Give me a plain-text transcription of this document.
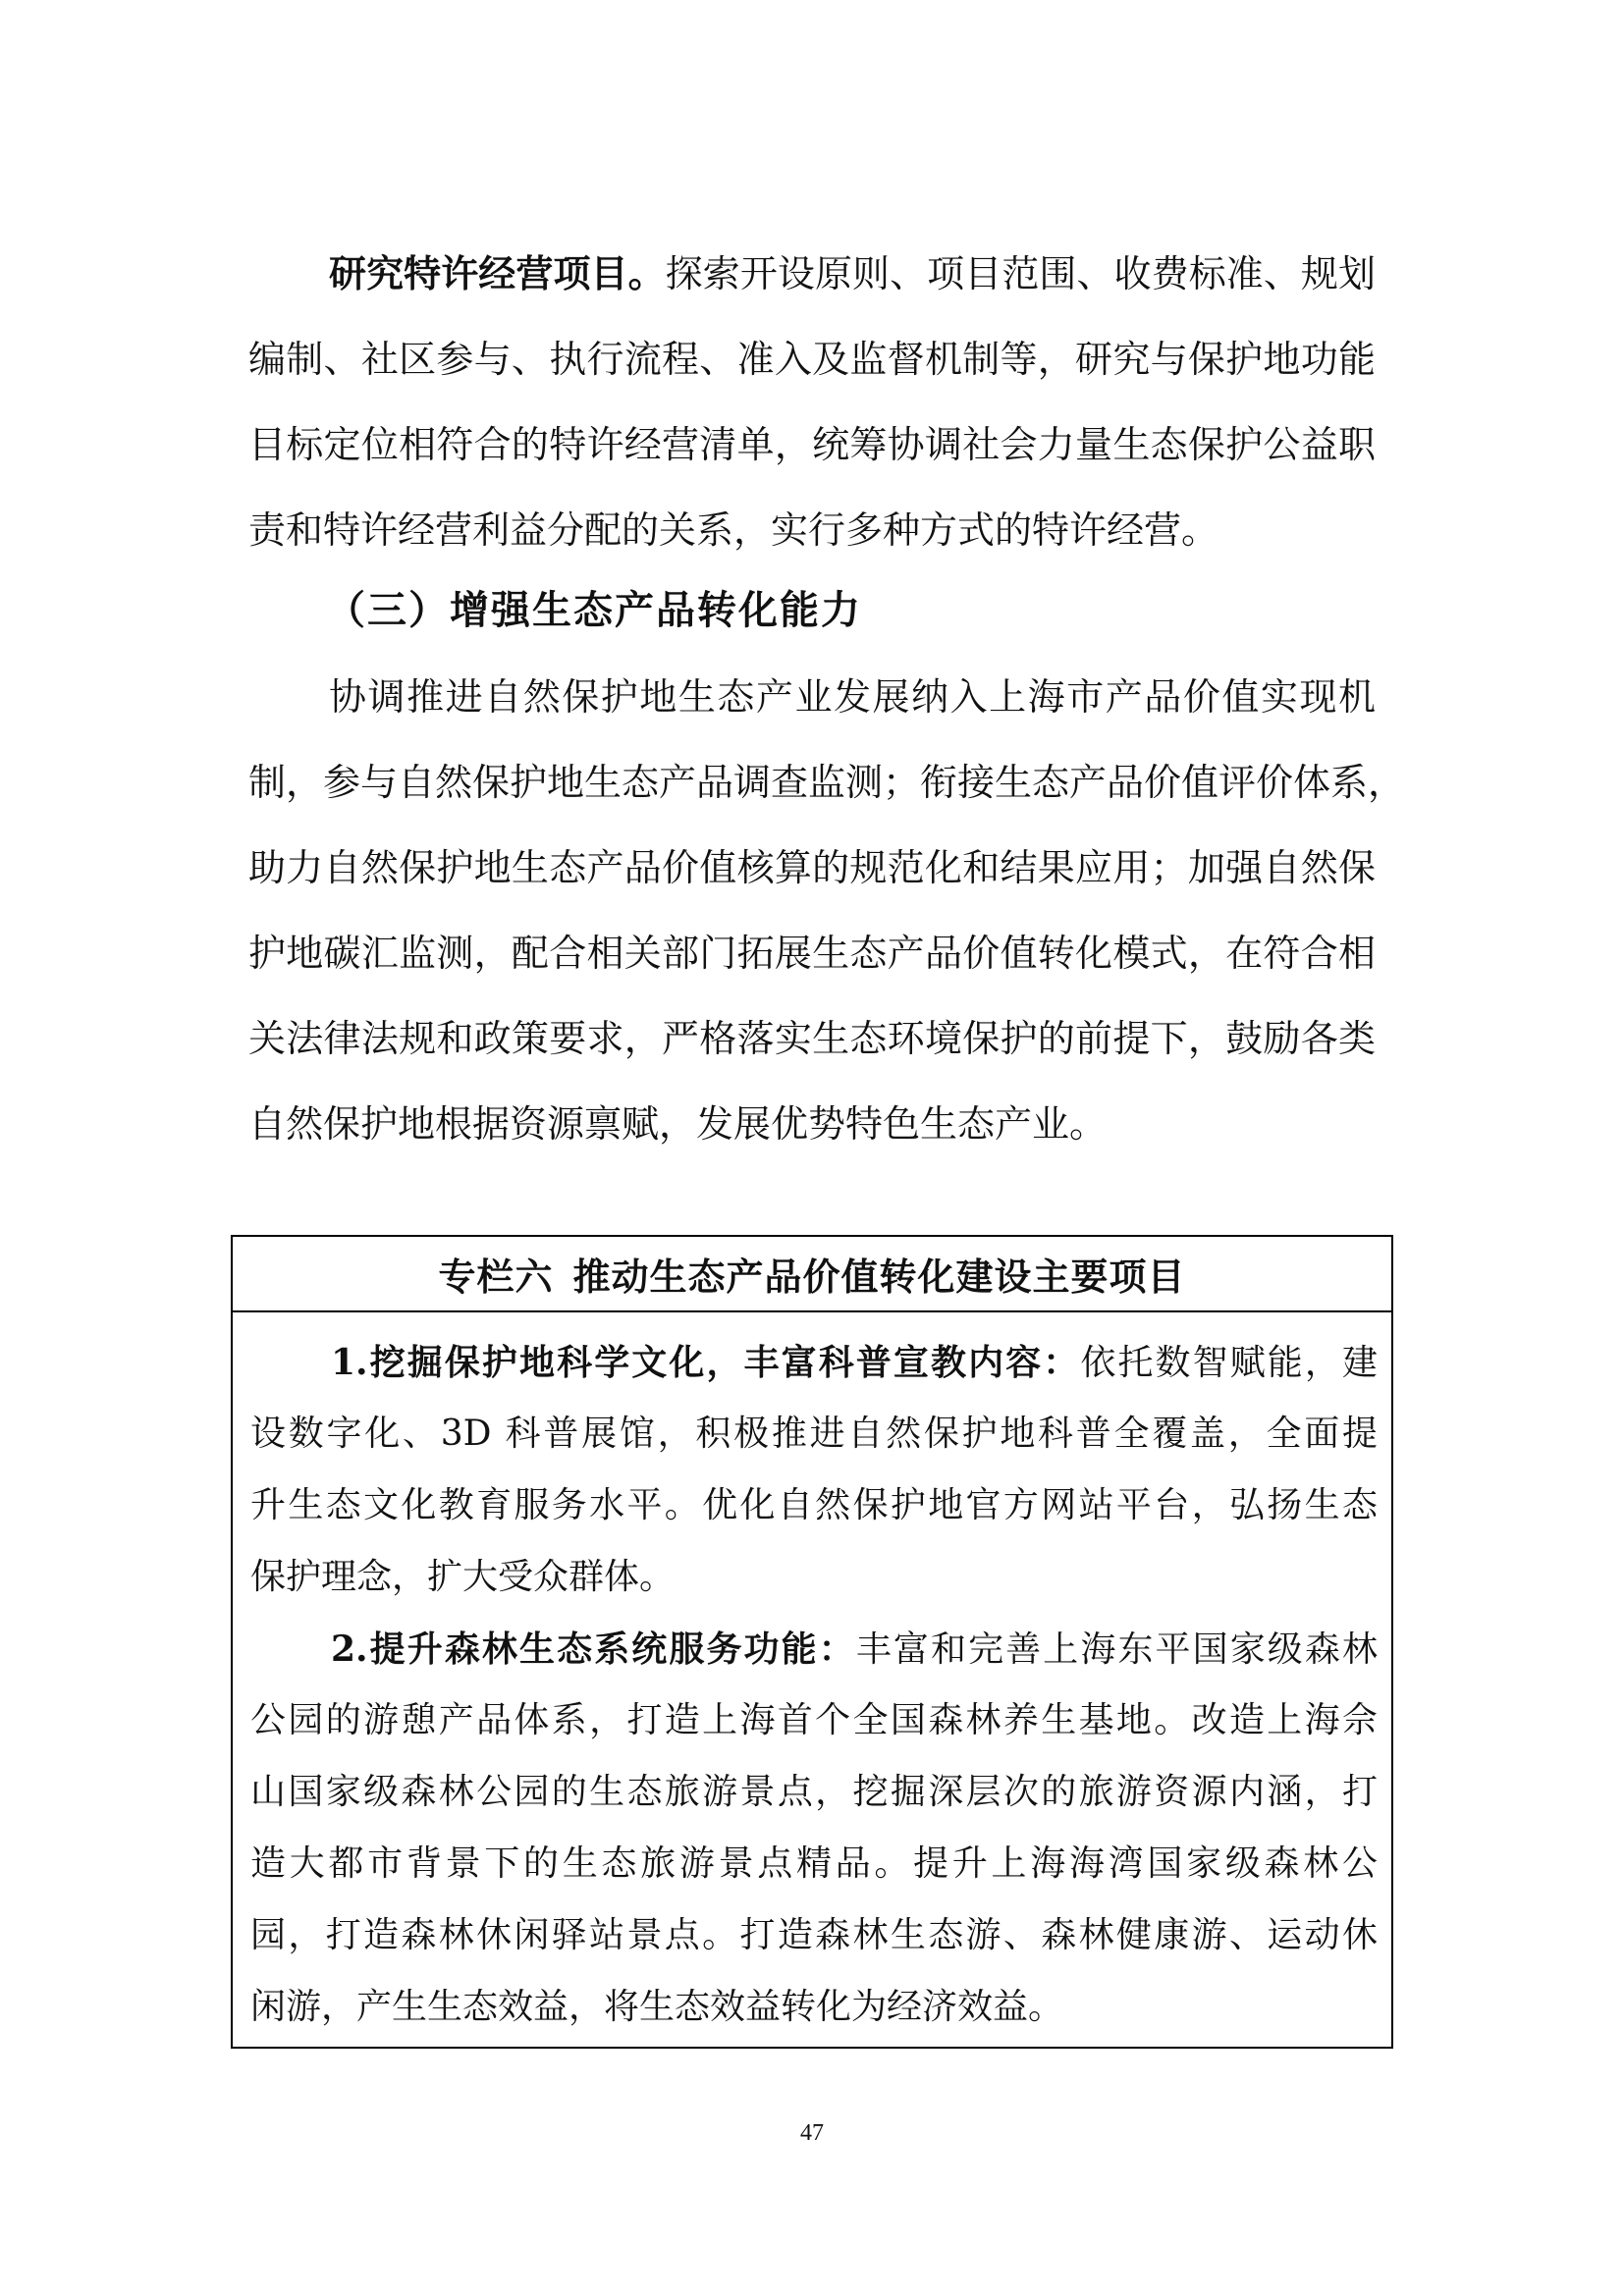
研究特许经营项目。探索开设原则、项目范围、收费标准、规划
编制、社区参与、执行流程、准入及监督机制等，研究与保护地功能
目标定位相符合的特许经营清单，统筹协调社会力量生态保护公益职
责和特许经营利益分配的关系，实行多种方式的特许经营。
（三）增强生态产品转化能力
协调推进自然保护地生态产业发展纳入上海市产品价值实现机
制，参与自然保护地生态产品调查监测；衔接生态产品价值评价体系，
助力自然保护地生态产品价值核算的规范化和结果应用；加强自然保
护地碳汇监测，配合相关部门拓展生态产品价值转化模式，在符合相
关法律法规和政策要求，严格落实生态环境保护的前提下，鼓励各类
自然保护地根据资源禀赋，发展优势特色生态产业。
专栏六 推动生态产品价值转化建设主要项目
1.挖掘保护地科学文化，丰富科普宣教内容：依托数智赋能，建
设数字化、3D 科普展馆，积极推进自然保护地科普全覆盖，全面提
升生态文化教育服务水平。优化自然保护地官方网站平台，弘扬生态
保护理念，扩大受众群体。
2.提升森林生态系统服务功能：丰富和完善上海东平国家级森林
公园的游憩产品体系，打造上海首个全国森林养生基地。改造上海佘
山国家级森林公园的生态旅游景点，挖掘深层次的旅游资源内涵，打
造大都市背景下的生态旅游景点精品。提升上海海湾国家级森林公
园，打造森林休闲驿站景点。打造森林生态游、森林健康游、运动休
闲游，产生生态效益，将生态效益转化为经济效益。
47
